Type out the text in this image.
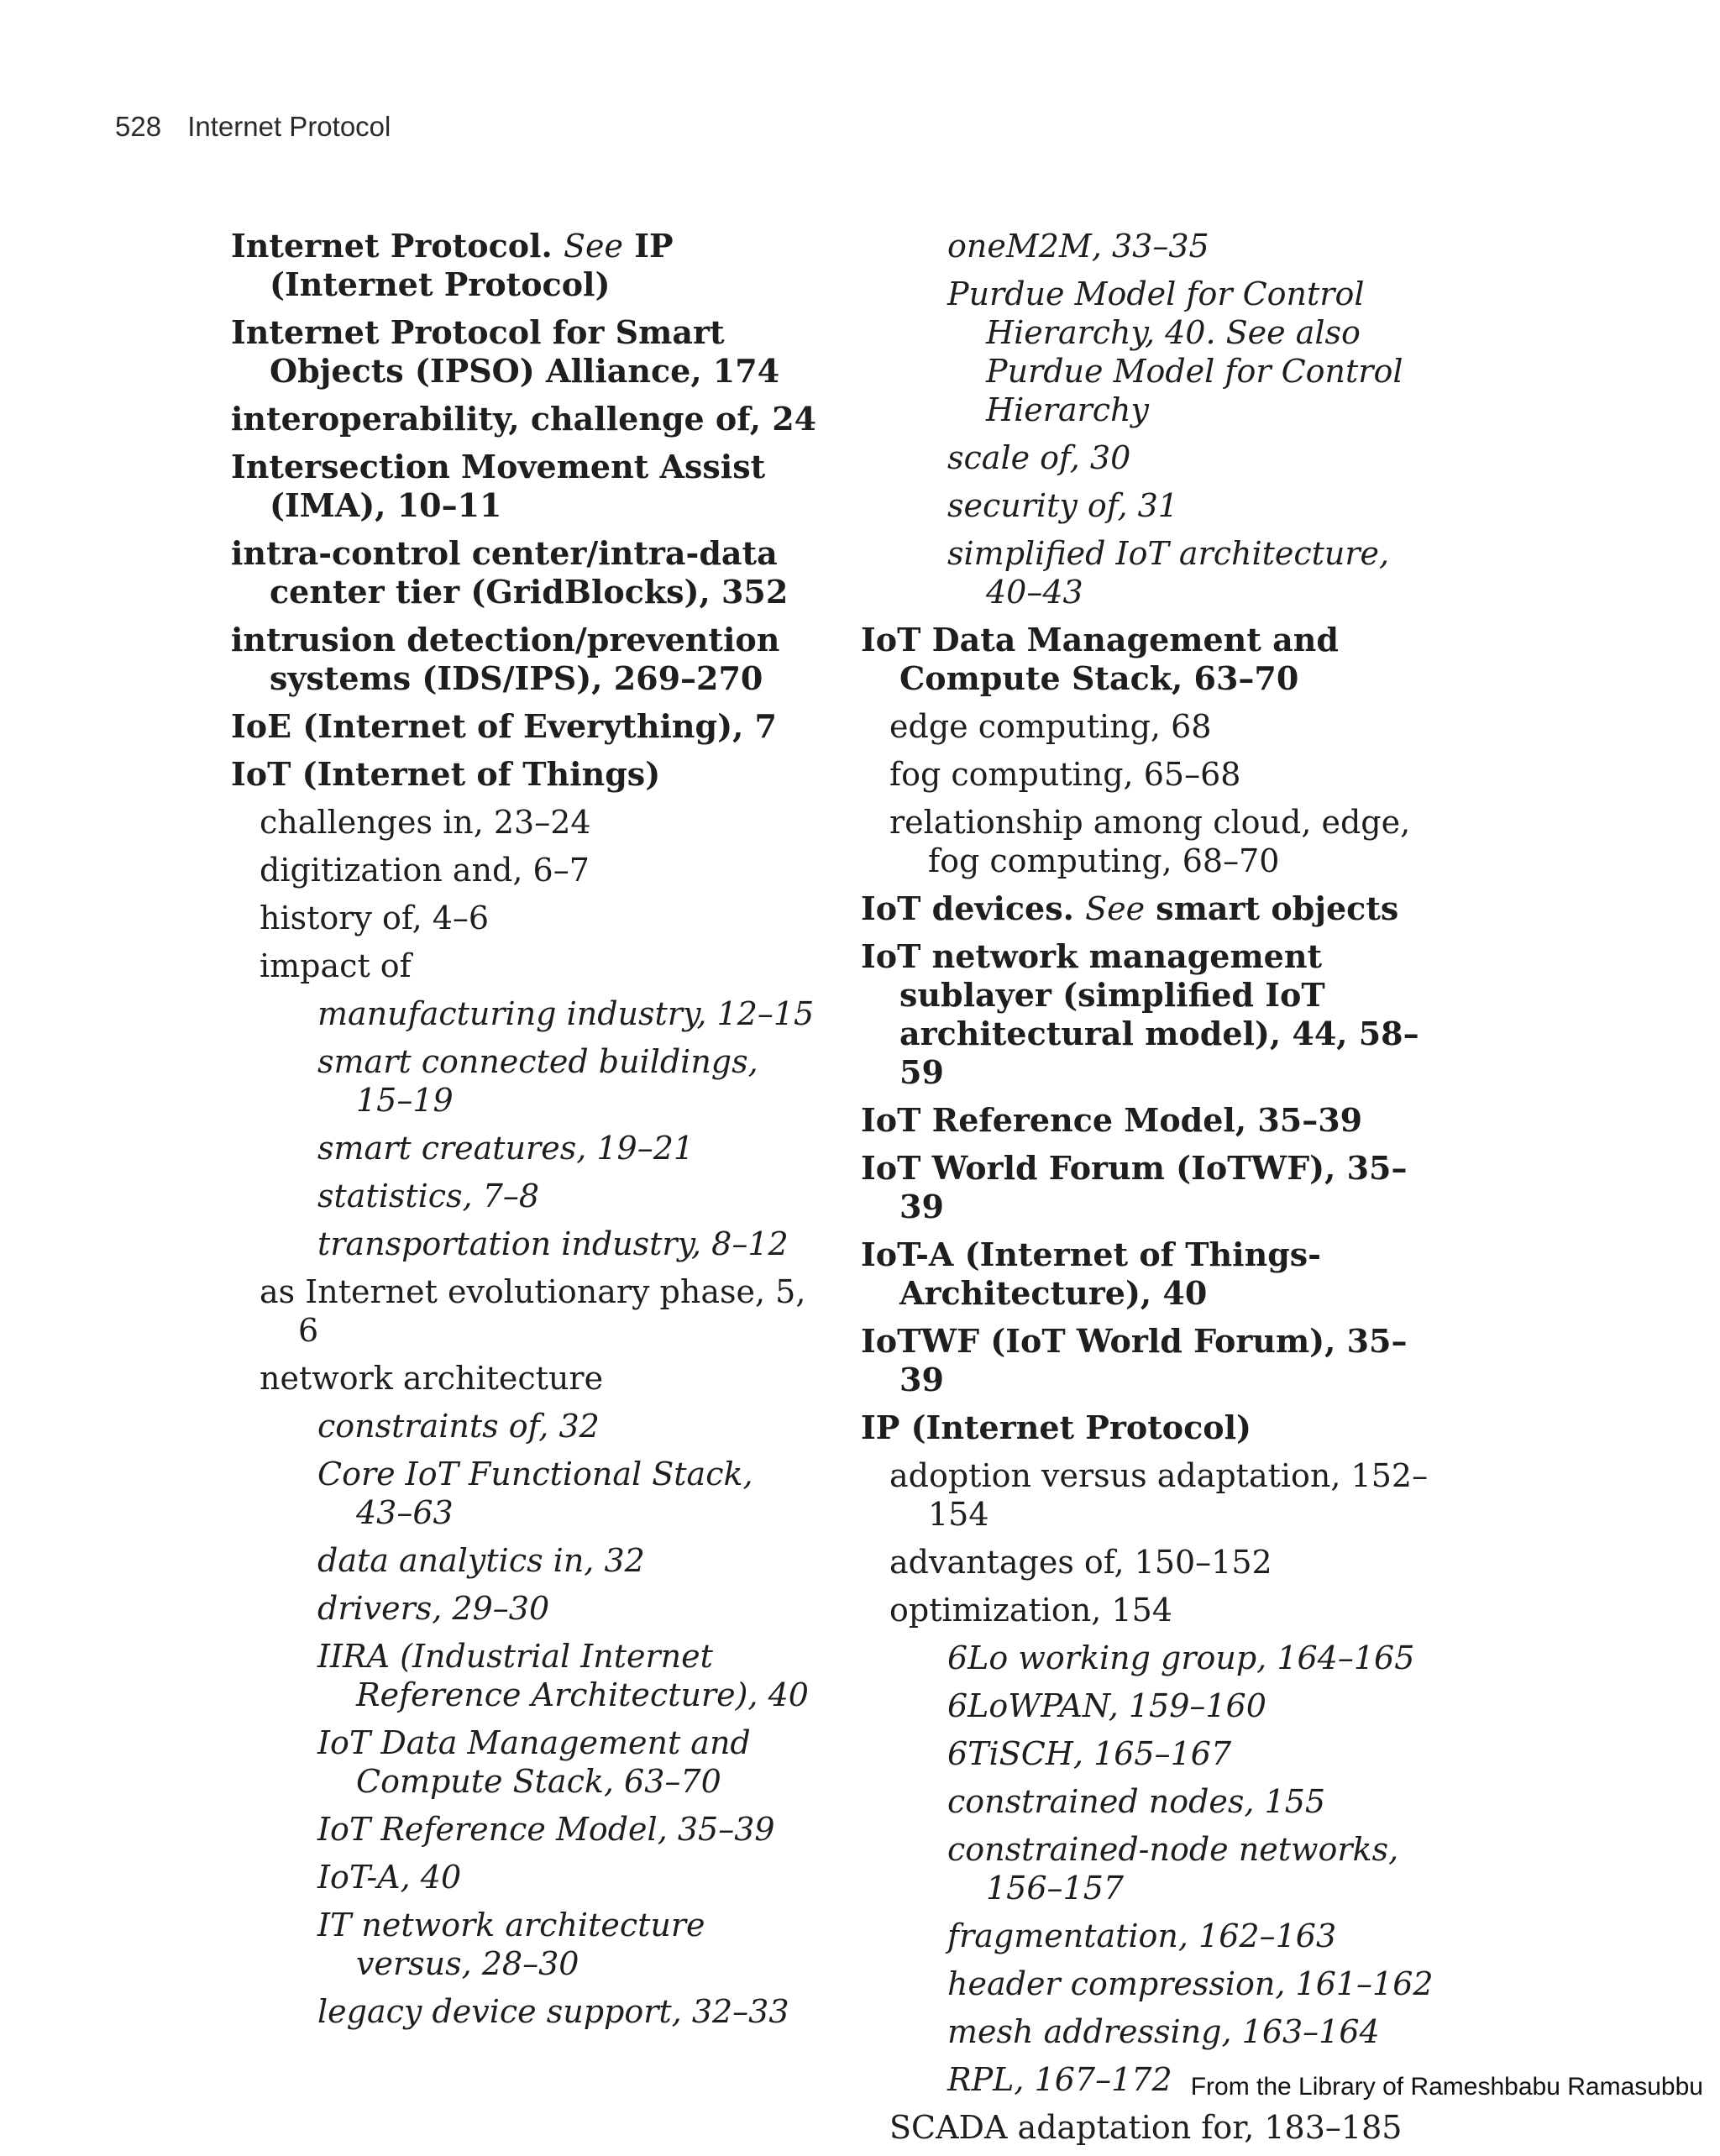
528 Internet Protocol

Internet Protocol. See IP (Internet Protocol)

Internet Protocol for Smart Objects (IPSO) Alliance, 174

interoperability, challenge of, 24

Intersection Movement Assist (IMA), 10–11

intra-control center/intra-data center tier (GridBlocks), 352

intrusion detection/prevention systems (IDS/IPS), 269–270

IoE (Internet of Everything), 7

IoT (Internet of Things)

challenges in, 23–24

digitization and, 6–7

history of, 4–6

impact of

manufacturing industry, 12–15

smart connected buildings, 15–19

smart creatures, 19–21

statistics, 7–8

transportation industry, 8–12

as Internet evolutionary phase, 5, 6

network architecture

constraints of, 32

Core IoT Functional Stack, 43–63

data analytics in, 32

drivers, 29–30

IIRA (Industrial Internet Reference Architecture), 40

IoT Data Management and Compute Stack, 63–70

IoT Reference Model, 35–39

IoT-A, 40

IT network architecture versus, 28–30

legacy device support, 32–33

oneM2M, 33–35

Purdue Model for Control Hierarchy, 40. See also Purdue Model for Control Hierarchy

scale of, 30

security of, 31

simplified IoT architecture, 40–43

IoT Data Management and Compute Stack, 63–70

edge computing, 68

fog computing, 65–68

relationship among cloud, edge, fog computing, 68–70

IoT devices. See smart objects

IoT network management sublayer (simplified IoT architectural model), 44, 58–59

IoT Reference Model, 35–39

IoT World Forum (IoTWF), 35–39

IoT-A (Internet of Things-Architecture), 40

IoTWF (IoT World Forum), 35–39

IP (Internet Protocol)

adoption versus adaptation, 152–154

advantages of, 150–152

optimization, 154

6Lo working group, 164–165

6LoWPAN, 159–160

6TiSCH, 165–167

constrained nodes, 155

constrained-node networks, 156–157

fragmentation, 162–163

header compression, 161–162

mesh addressing, 163–164

RPL, 167–172

SCADA adaptation for, 183–185

From the Library of Rameshbabu Ramasubbu
